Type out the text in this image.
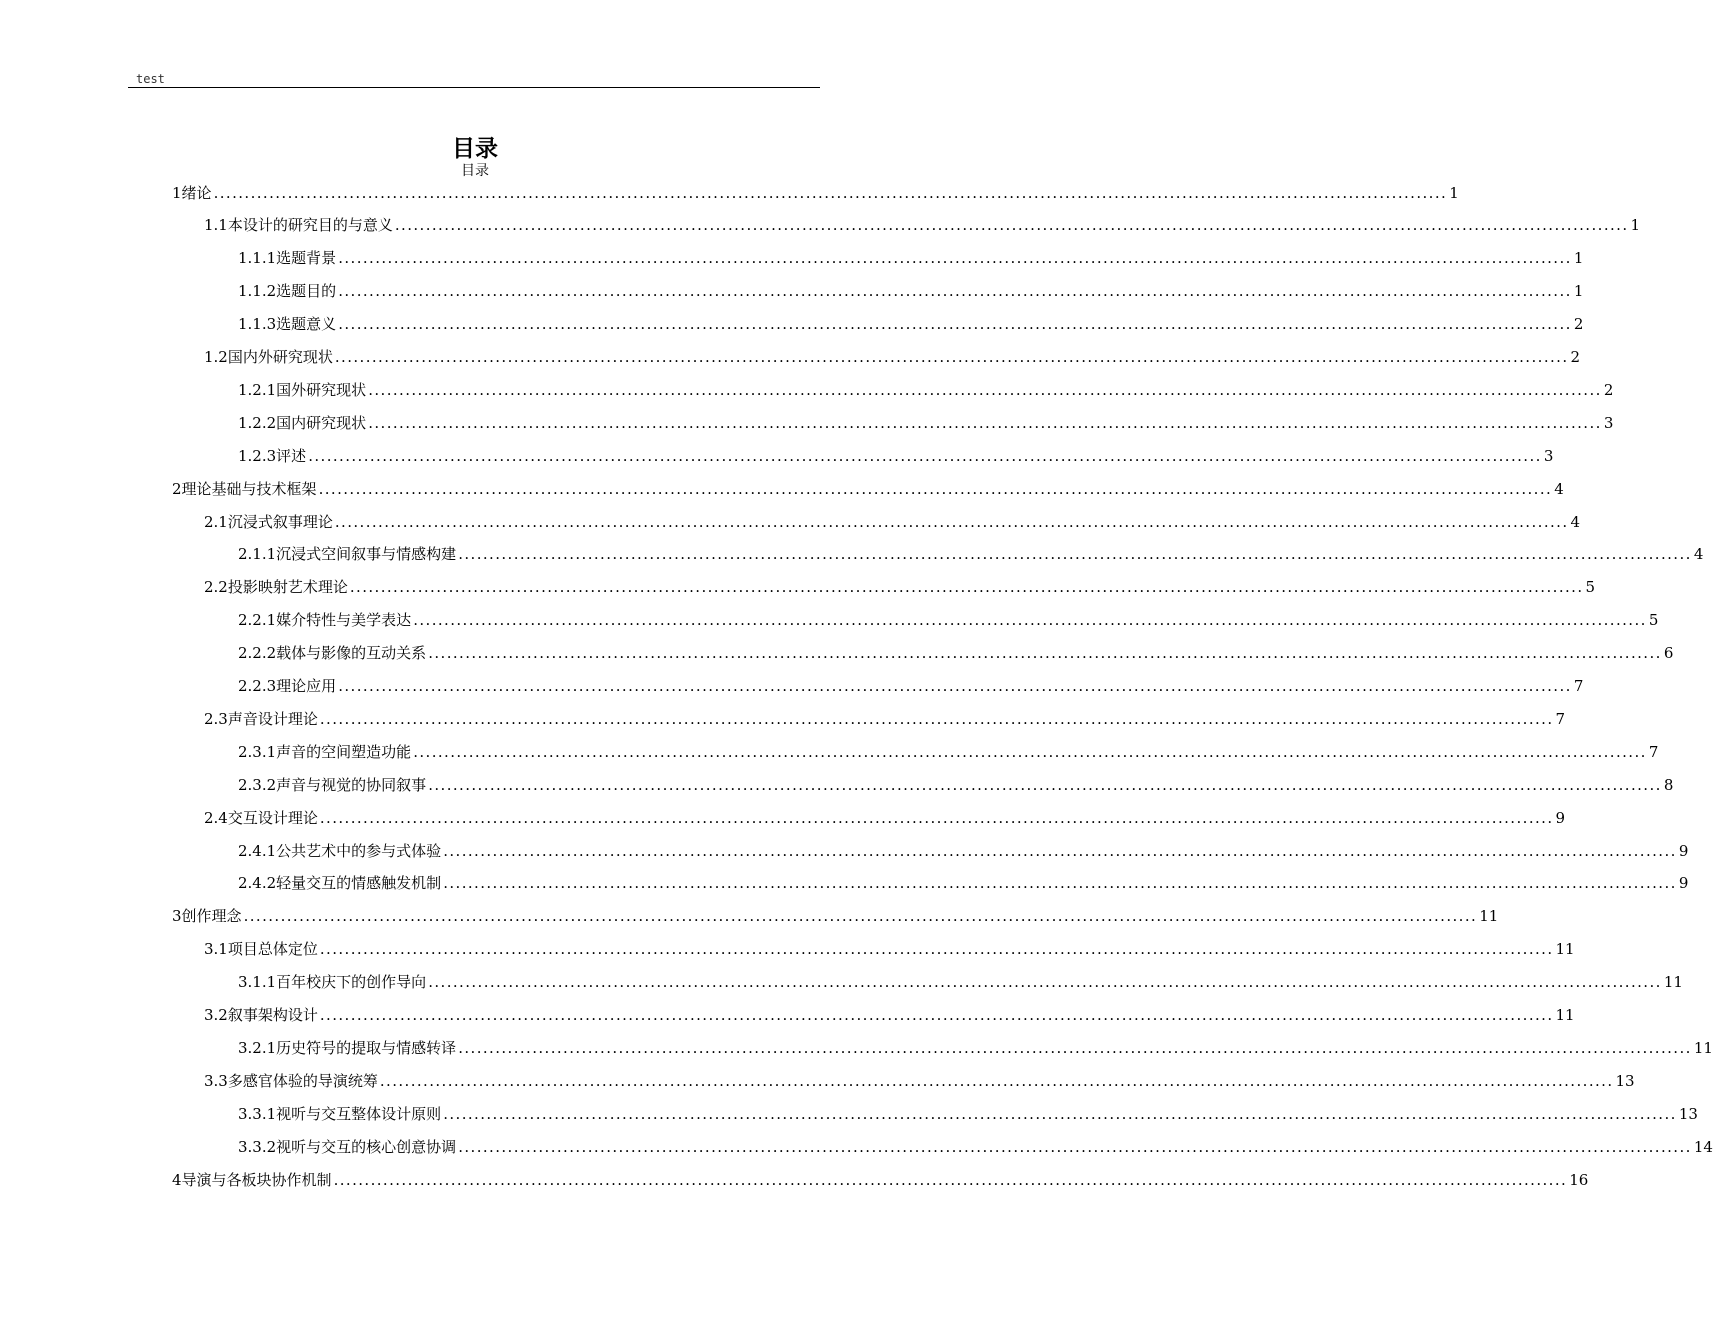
test
目录
目录
1 绪论 ........................................................................................................................................................................................................ 1
1.1 本设计的研究目的与意义 ........................................................................................................................................................................................................ 1
1.1.1 选题背景 ........................................................................................................................................................................................................ 1
1.1.2 选题目的 ........................................................................................................................................................................................................ 1
1.1.3 选题意义 ........................................................................................................................................................................................................ 2
1.2 国内外研究现状 ........................................................................................................................................................................................................ 2
1.2.1 国外研究现状 ........................................................................................................................................................................................................ 2
1.2.2 国内研究现状 ........................................................................................................................................................................................................ 3
1.2.3 评述 ........................................................................................................................................................................................................ 3
2 理论基础与技术框架 ........................................................................................................................................................................................................ 4
2.1 沉浸式叙事理论 ........................................................................................................................................................................................................ 4
2.1.1 沉浸式空间叙事与情感构建 ........................................................................................................................................................................................................ 4
2.2 投影映射艺术理论 ........................................................................................................................................................................................................ 5
2.2.1 媒介特性与美学表达 ........................................................................................................................................................................................................ 5
2.2.2 载体与影像的互动关系 ........................................................................................................................................................................................................ 6
2.2.3 理论应用 ........................................................................................................................................................................................................ 7
2.3 声音设计理论 ........................................................................................................................................................................................................ 7
2.3.1 声音的空间塑造功能 ........................................................................................................................................................................................................ 7
2.3.2 声音与视觉的协同叙事 ........................................................................................................................................................................................................ 8
2.4 交互设计理论 ........................................................................................................................................................................................................ 9
2.4.1 公共艺术中的参与式体验 ........................................................................................................................................................................................................ 9
2.4.2 轻量交互的情感触发机制 ........................................................................................................................................................................................................ 9
3 创作理念 ........................................................................................................................................................................................................ 11
3.1 项目总体定位 ........................................................................................................................................................................................................ 11
3.1.1 百年校庆下的创作导向 ........................................................................................................................................................................................................ 11
3.2 叙事架构设计 ........................................................................................................................................................................................................ 11
3.2.1 历史符号的提取与情感转译 ........................................................................................................................................................................................................ 11
3.3 多感官体验的导演统筹 ........................................................................................................................................................................................................ 13
3.3.1 视听与交互整体设计原则 ........................................................................................................................................................................................................ 13
3.3.2 视听与交互的核心创意协调 ........................................................................................................................................................................................................ 14
4 导演与各板块协作机制 ........................................................................................................................................................................................................ 16
